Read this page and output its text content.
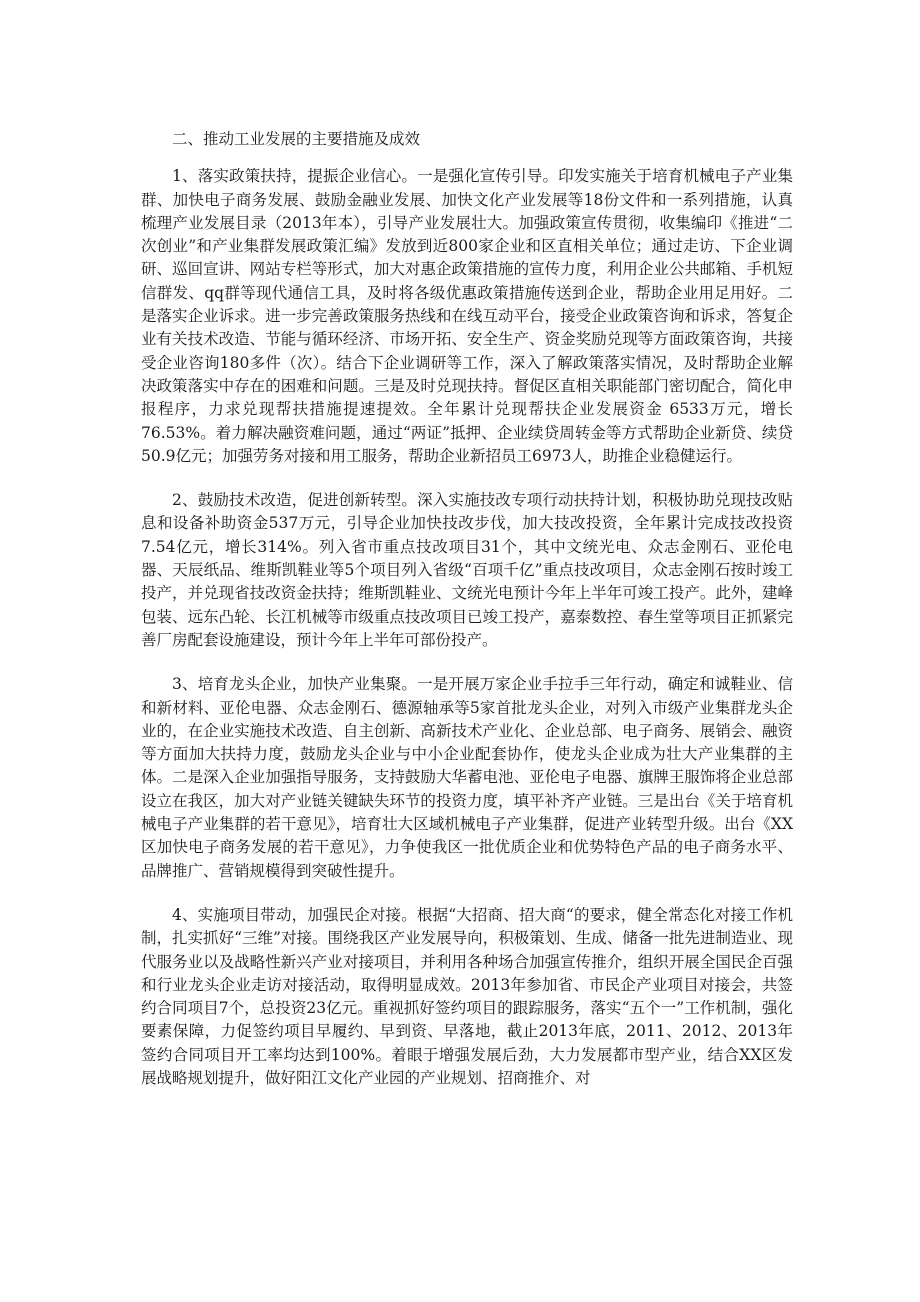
二、推动工业发展的主要措施及成效

1、落实政策扶持，提振企业信心。一是强化宣传引导。印发实施关于培育机械电子产业集群、加快电子商务发展、鼓励金融业发展、加快文化产业发展等18份文件和一系列措施，认真梳理产业发展目录（2013年本），引导产业发展壮大。加强政策宣传贯彻，收集编印《推进“二次创业”和产业集群发展政策汇编》发放到近800家企业和区直相关单位；通过走访、下企业调研、巡回宣讲、网站专栏等形式，加大对惠企政策措施的宣传力度，利用企业公共邮箱、手机短信群发、qq群等现代通信工具，及时将各级优惠政策措施传送到企业，帮助企业用足用好。二是落实企业诉求。进一步完善政策服务热线和在线互动平台，接受企业政策咨询和诉求，答复企业有关技术改造、节能与循环经济、市场开拓、安全生产、资金奖励兑现等方面政策咨询，共接受企业咨询180多件（次）。结合下企业调研等工作，深入了解政策落实情况，及时帮助企业解决政策落实中存在的困难和问题。三是及时兑现扶持。督促区直相关职能部门密切配合，简化申报程序，力求兑现帮扶措施提速提效。全年累计兑现帮扶企业发展资金 6533万元，增长76.53%。着力解决融资难问题，通过“两证”抵押、企业续贷周转金等方式帮助企业新贷、续贷50.9亿元；加强劳务对接和用工服务，帮助企业新招员工6973人，助推企业稳健运行。

2、鼓励技术改造，促进创新转型。深入实施技改专项行动扶持计划，积极协助兑现技改贴息和设备补助资金537万元，引导企业加快技改步伐，加大技改投资，全年累计完成技改投资7.54亿元，增长314%。列入省市重点技改项目31个，其中文统光电、众志金刚石、亚伦电器、天辰纸品、维斯凯鞋业等5个项目列入省级“百项千亿”重点技改项目，众志金刚石按时竣工投产，并兑现省技改资金扶持；维斯凯鞋业、文统光电预计今年上半年可竣工投产。此外，建峰包装、远东凸轮、长江机械等市级重点技改项目已竣工投产，嘉泰数控、春生堂等项目正抓紧完善厂房配套设施建设，预计今年上半年可部份投产。

3、培育龙头企业，加快产业集聚。一是开展万家企业手拉手三年行动，确定和诚鞋业、信和新材料、亚伦电器、众志金刚石、德源轴承等5家首批龙头企业，对列入市级产业集群龙头企业的，在企业实施技术改造、自主创新、高新技术产业化、企业总部、电子商务、展销会、融资等方面加大扶持力度，鼓励龙头企业与中小企业配套协作，使龙头企业成为壮大产业集群的主体。二是深入企业加强指导服务，支持鼓励大华蓄电池、亚伦电子电器、旗牌王服饰将企业总部设立在我区，加大对产业链关键缺失环节的投资力度，填平补齐产业链。三是出台《关于培育机械电子产业集群的若干意见》，培育壮大区域机械电子产业集群，促进产业转型升级。出台《XX区加快电子商务发展的若干意见》，力争使我区一批优质企业和优势特色产品的电子商务水平、品牌推广、营销规模得到突破性提升。

4、实施项目带动，加强民企对接。根据“大招商、招大商“的要求，健全常态化对接工作机制，扎实抓好“三维”对接。围绕我区产业发展导向，积极策划、生成、储备一批先进制造业、现代服务业以及战略性新兴产业对接项目，并利用各种场合加强宣传推介，组织开展全国民企百强和行业龙头企业走访对接活动，取得明显成效。2013年参加省、市民企产业项目对接会，共签约合同项目7个，总投资23亿元。重视抓好签约项目的跟踪服务，落实“五个一”工作机制，强化要素保障，力促签约项目早履约、早到资、早落地，截止2013年底，2011、2012、2013年签约合同项目开工率均达到100%。着眼于增强发展后劲，大力发展都市型产业，结合XX区发展战略规划提升，做好阳江文化产业园的产业规划、招商推介、对
